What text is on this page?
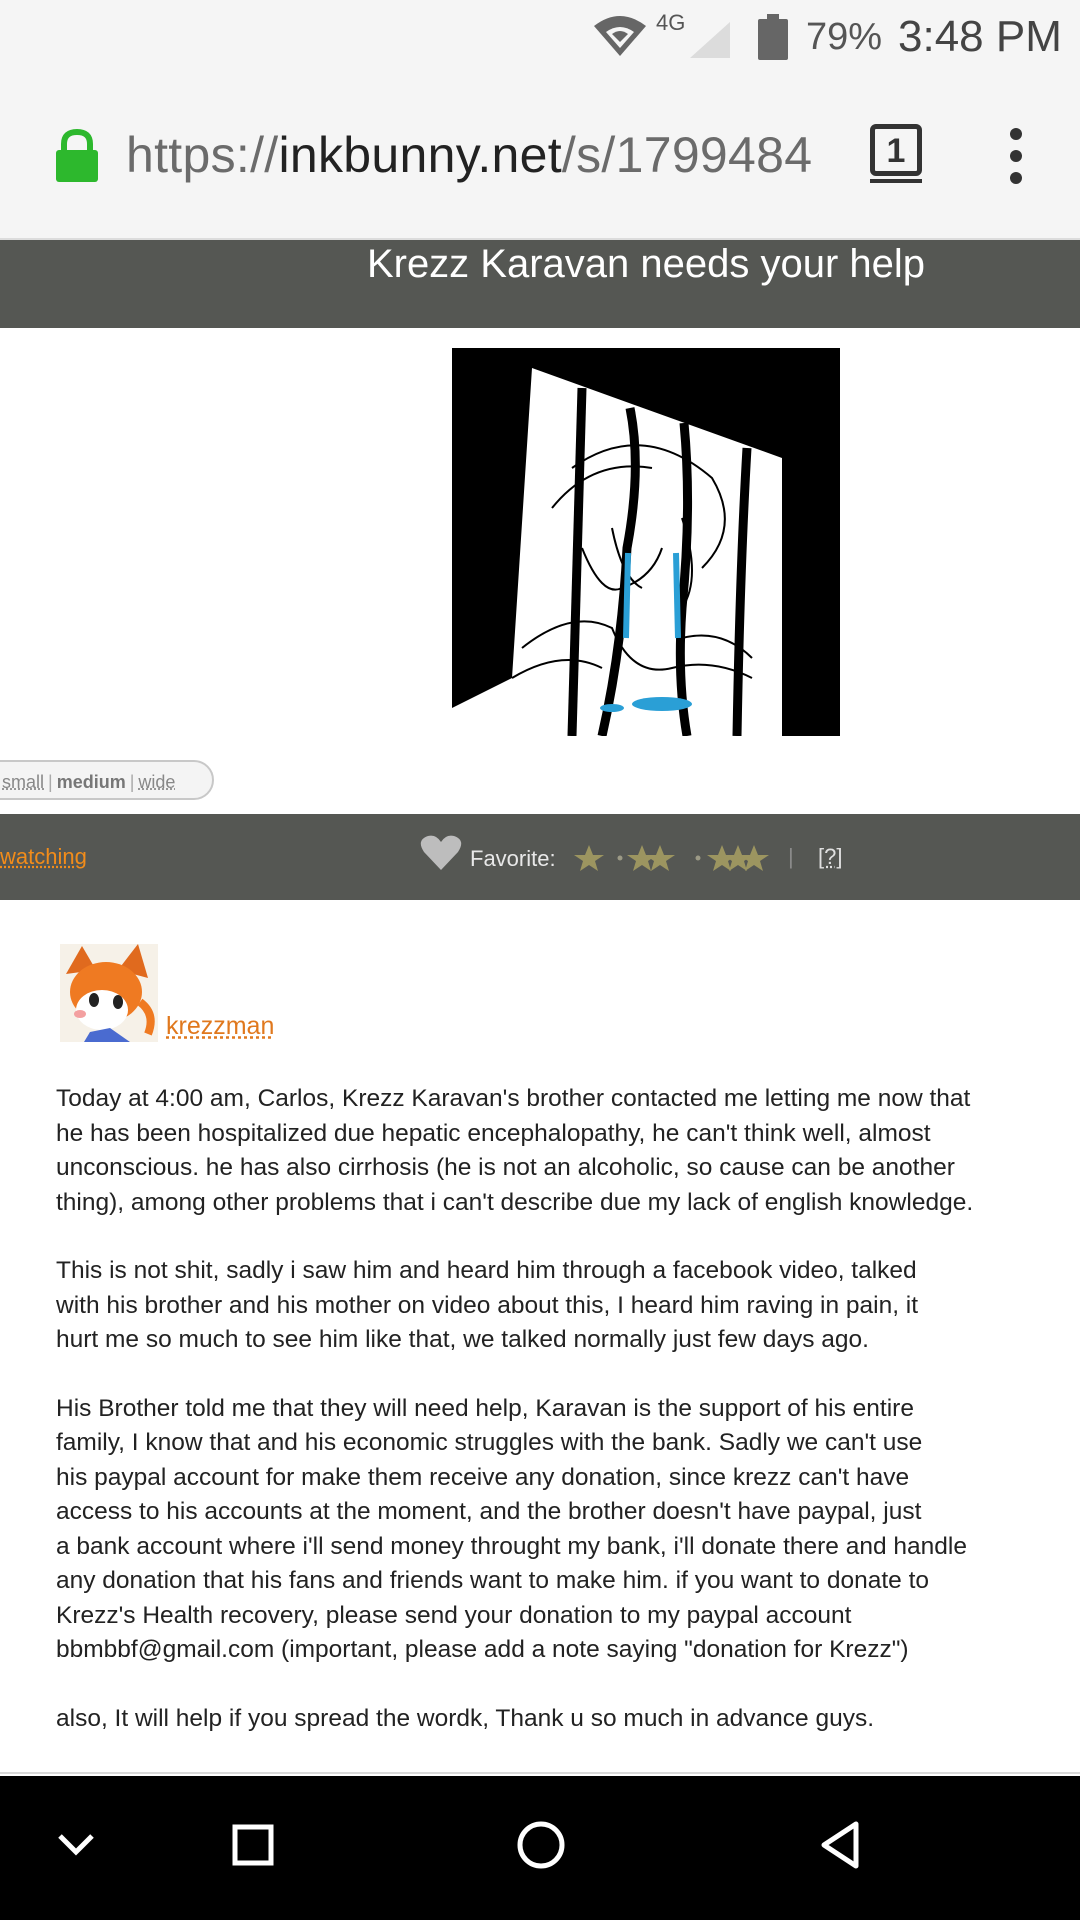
4G	79% 3:48 PM
https://inkbunny.net/s/1799484	1
Krezz Karavan needs your help
small | medium | wide
watching	Favorite:	| [?]
krezzman

Today at 4:00 am, Carlos, Krezz Karavan's brother contacted me letting me now that
he has been hospitalized due hepatic encephalopathy, he can't think well, almost
unconscious. he has also cirrhosis (he is not an alcoholic, so cause can be another
thing), among other problems that i can't describe due my lack of english knowledge.

This is not shit, sadly i saw him and heard him through a facebook video, talked
with his brother and his mother on video about this, I heard him raving in pain, it
hurt me so much to see him like that, we talked normally just few days ago.

His Brother told me that they will need help, Karavan is the support of his entire
family, I know that and his economic struggles with the bank. Sadly we can't use
his paypal account for make them receive any donation, since krezz can't have
access to his accounts at the moment, and the brother doesn't have paypal, just
a bank account where i'll send money throught my bank, i'll donate there and handle
any donation that his fans and friends want to make him. if you want to donate to
Krezz's Health recovery, please send your donation to my paypal account
bbmbbf@gmail.com (important, please add a note saying "donation for Krezz")

also, It will help if you spread the wordk, Thank u so much in advance guys.
